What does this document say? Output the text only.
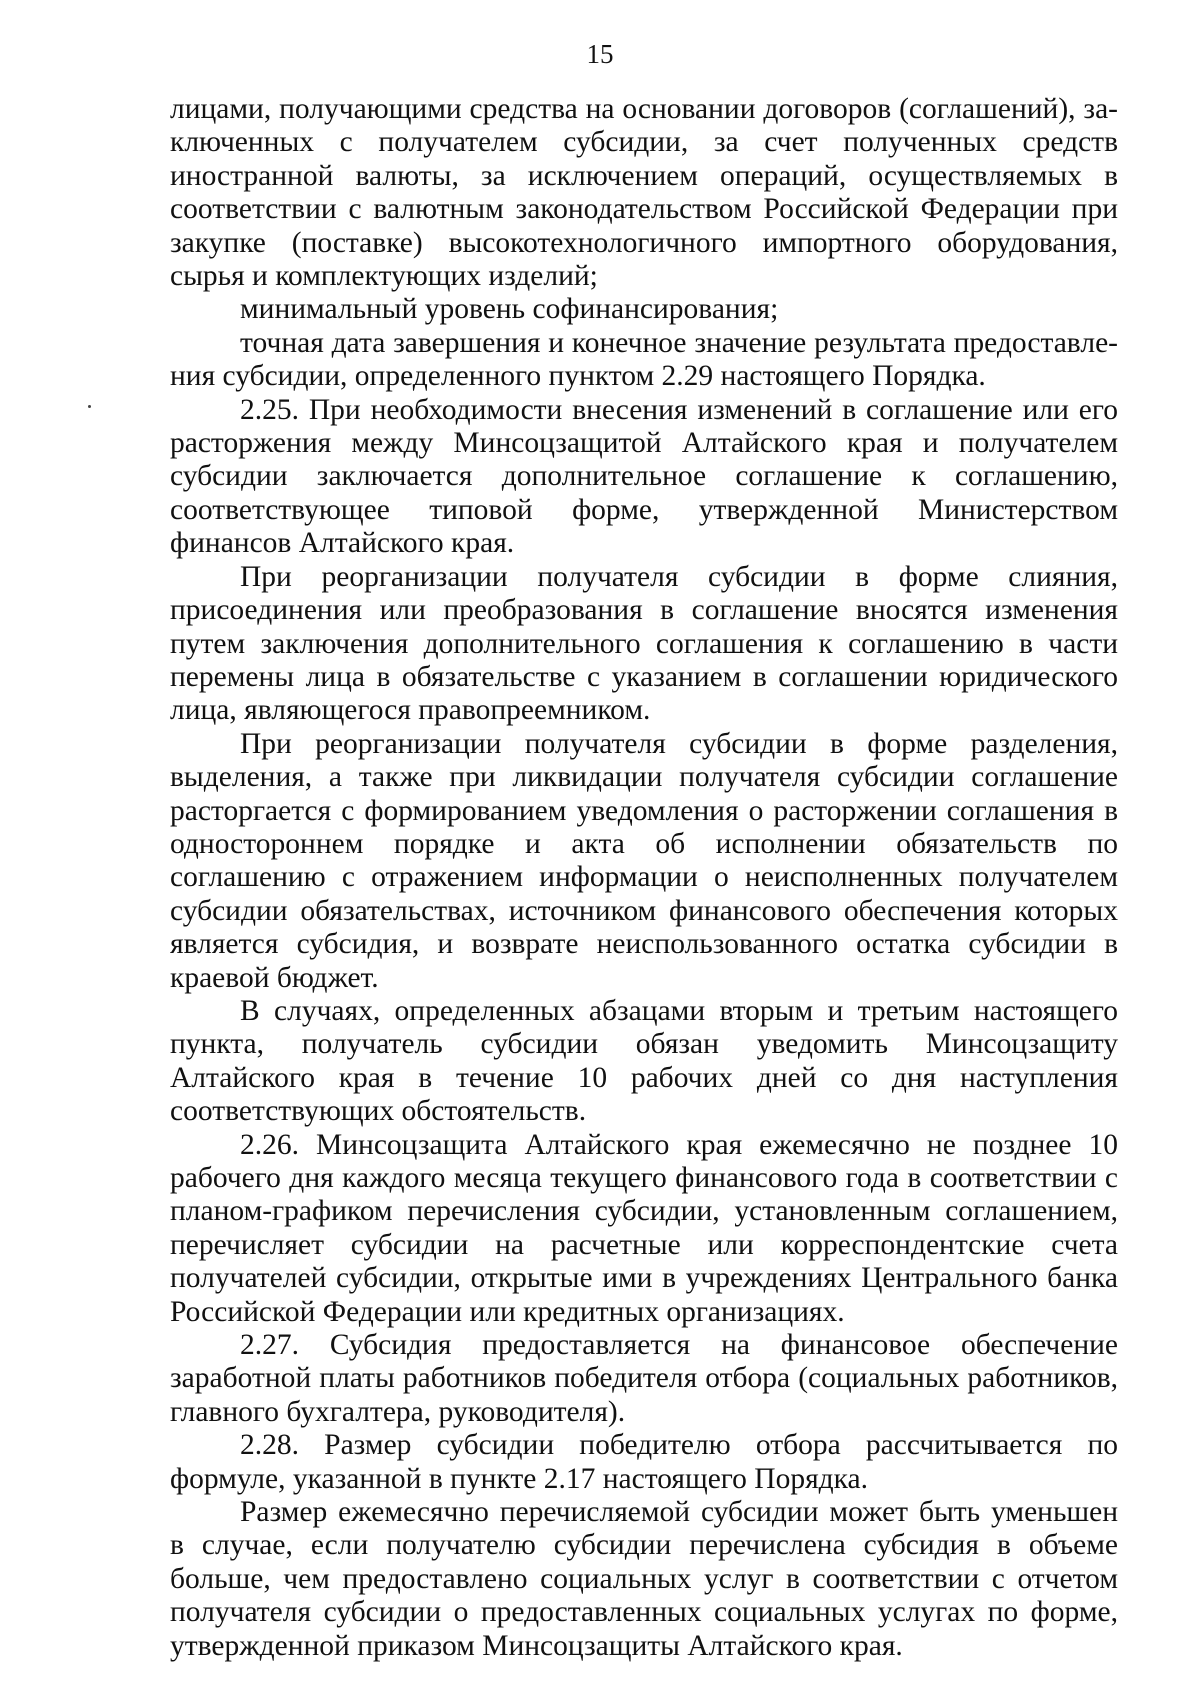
15

лицами, получающими средства на основании договоров (соглашений), заключенных с получателем субсидии, за счет полученных средств иностранной валюты, за исключением операций, осуществляемых в соответствии с валютным законодательством Российской Федерации при закупке (поставке) высокотехнологичного импортного оборудования, сырья и комплектующих изделий;

минимальный уровень софинансирования;

точная дата завершения и конечное значение результата предоставления субсидии, определенного пунктом 2.29 настоящего Порядка.

2.25. При необходимости внесения изменений в соглашение или его расторжения между Минсоцзащитой Алтайского края и получателем субсидии заключается дополнительное соглашение к соглашению, соответствующее типовой форме, утвержденной Министерством финансов Алтайского края.

При реорганизации получателя субсидии в форме слияния, присоединения или преобразования в соглашение вносятся изменения путем заключения дополнительного соглашения к соглашению в части перемены лица в обязательстве с указанием в соглашении юридического лица, являющегося правопреемником.

При реорганизации получателя субсидии в форме разделения, выделения, а также при ликвидации получателя субсидии соглашение расторгается с формированием уведомления о расторжении соглашения в одностороннем порядке и акта об исполнении обязательств по соглашению с отражением информации о неисполненных получателем субсидии обязательствах, источником финансового обеспечения которых является субсидия, и возврате неиспользованного остатка субсидии в краевой бюджет.

В случаях, определенных абзацами вторым и третьим настоящего пункта, получатель субсидии обязан уведомить Минсоцзащиту Алтайского края в течение 10 рабочих дней со дня наступления соответствующих обстоятельств.

2.26. Минсоцзащита Алтайского края ежемесячно не позднее 10 рабочего дня каждого месяца текущего финансового года в соответствии с планом-графиком перечисления субсидии, установленным соглашением, перечисляет субсидии на расчетные или корреспондентские счета получателей субсидии, открытые ими в учреждениях Центрального банка Российской Федерации или кредитных организациях.

2.27. Субсидия предоставляется на финансовое обеспечение заработной платы работников победителя отбора (социальных работников, главного бухгалтера, руководителя).

2.28. Размер субсидии победителю отбора рассчитывается по формуле, указанной в пункте 2.17 настоящего Порядка.

Размер ежемесячно перечисляемой субсидии может быть уменьшен в случае, если получателю субсидии перечислена субсидия в объеме больше, чем предоставлено социальных услуг в соответствии с отчетом получателя субсидии о предоставленных социальных услугах по форме, утвержденной приказом Минсоцзащиты Алтайского края.
